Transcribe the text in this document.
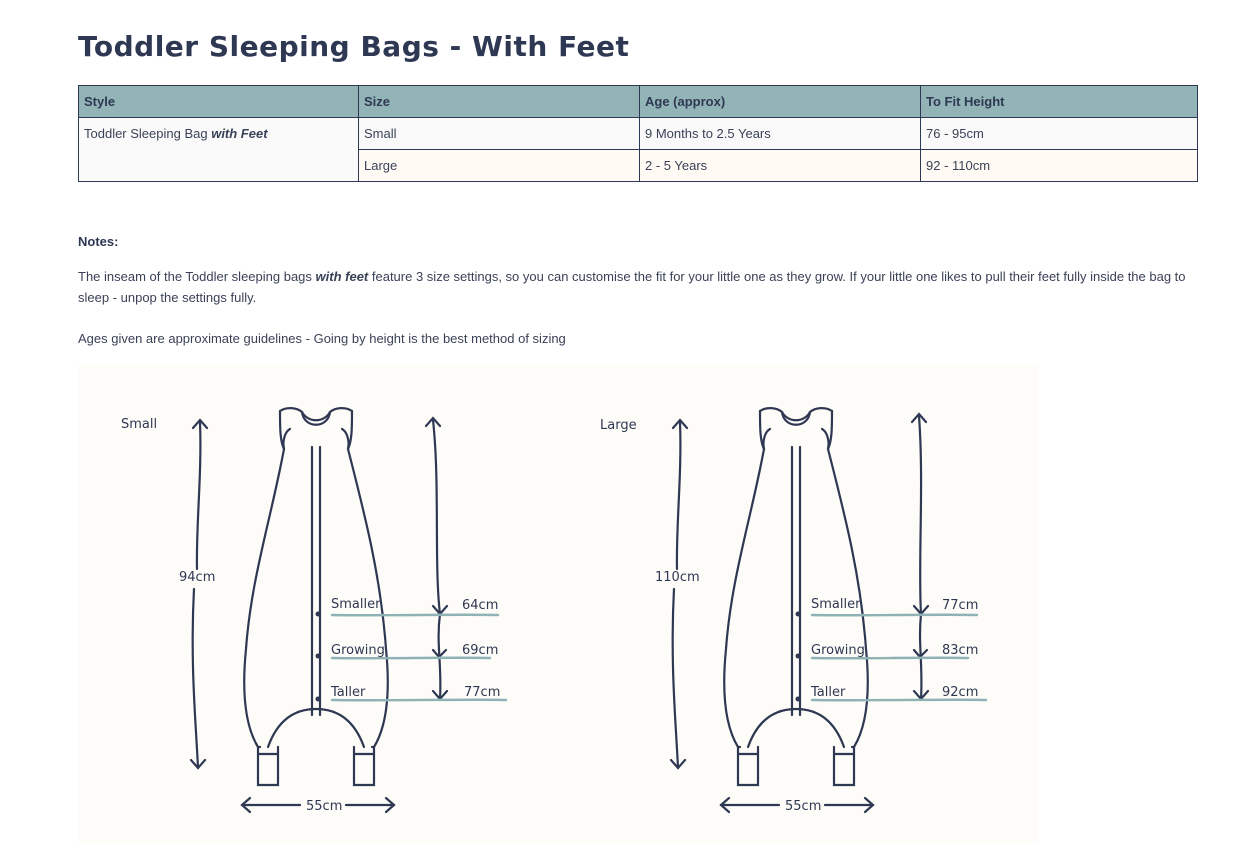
Toddler Sleeping Bags - With Feet
Style	Size	Age (approx)	To Fit Height
Toddler Sleeping Bag with Feet	Small	9 Months to 2.5 Years	76 - 95cm
	Large	2 - 5 Years	92 - 110cm

Notes:

The inseam of the Toddler sleeping bags with feet feature 3 size settings, so you can customise the fit for your little one as they grow. If your little one likes to pull their feet fully inside the bag to sleep - unpop the settings fully.

Ages given are approximate guidelines - Going by height is the best method of sizing

Small
94cm
Smaller
Growing
Taller
64cm
69cm
77cm
55cm
Large
110cm
Smaller
Growing
Taller
77cm
83cm
92cm
55cm
